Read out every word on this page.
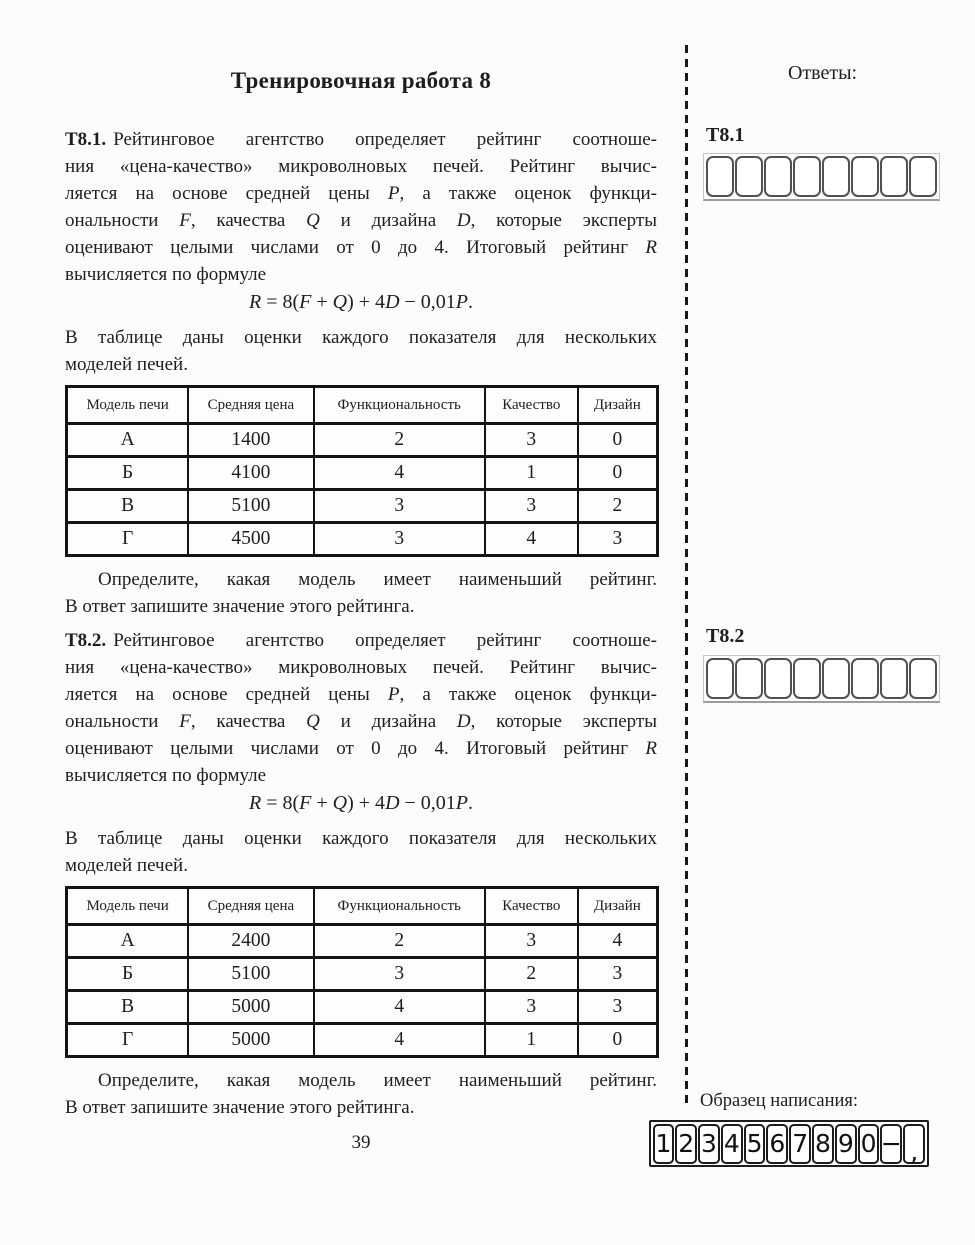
Тренировочная работа 8
Т8.1. Рейтинговое агентство определяет рейтинг соотноше-
ния «цена-качество» микроволновых печей. Рейтинг вычис-
ляется на основе средней цены P, а также оценок функци-
ональности F, качества Q и дизайна D, которые эксперты
оценивают целыми числами от 0 до 4. Итоговый рейтинг R
вычисляется по формуле
R = 8(F + Q) + 4D − 0,01P.
В таблице даны оценки каждого показателя для нескольких
моделей печей.
Модель печи	Средняя цена	Функциональность	Качество	Дизайн
А	1400	2	3	0
Б	4100	4	1	0
В	5100	3	3	2
Г	4500	3	4	3
Определите, какая модель имеет наименьший рейтинг.
В ответ запишите значение этого рейтинга.
Т8.2. Рейтинговое агентство определяет рейтинг соотноше-
ния «цена-качество» микроволновых печей. Рейтинг вычис-
ляется на основе средней цены P, а также оценок функци-
ональности F, качества Q и дизайна D, которые эксперты
оценивают целыми числами от 0 до 4. Итоговый рейтинг R
вычисляется по формуле
R = 8(F + Q) + 4D − 0,01P.
В таблице даны оценки каждого показателя для нескольких
моделей печей.
Модель печи	Средняя цена	Функциональность	Качество	Дизайн
А	2400	2	3	4
Б	5100	3	2	3
В	5000	4	3	3
Г	5000	4	1	0
Определите, какая модель имеет наименьший рейтинг.
В ответ запишите значение этого рейтинга.
39
Ответы:
Т8.1
Т8.2
Образец написания:
1 2 3 4 5 6 7 8 9 0 − ,
